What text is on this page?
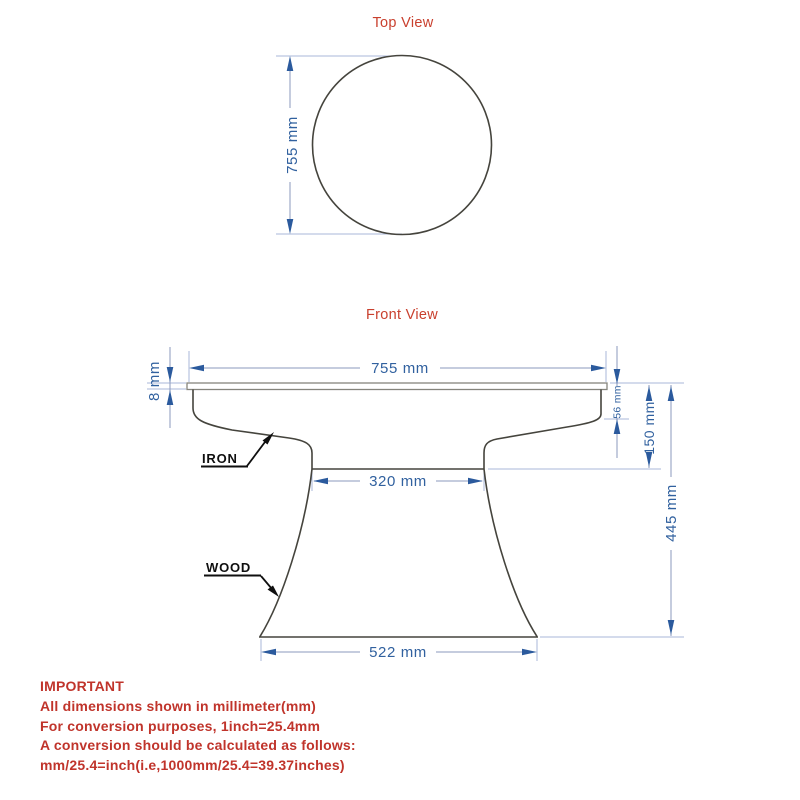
Top View
Front View
755 mm
755 mm
8 mm
56 mm 150 mm
445 mm
320 mm
522 mm
IRON
WOOD
IMPORTANT
All dimensions shown in millimeter(mm)
For conversion purposes, 1inch=25.4mm
A conversion should be calculated as follows:
mm/25.4=inch(i.e,1000mm/25.4=39.37inches)
